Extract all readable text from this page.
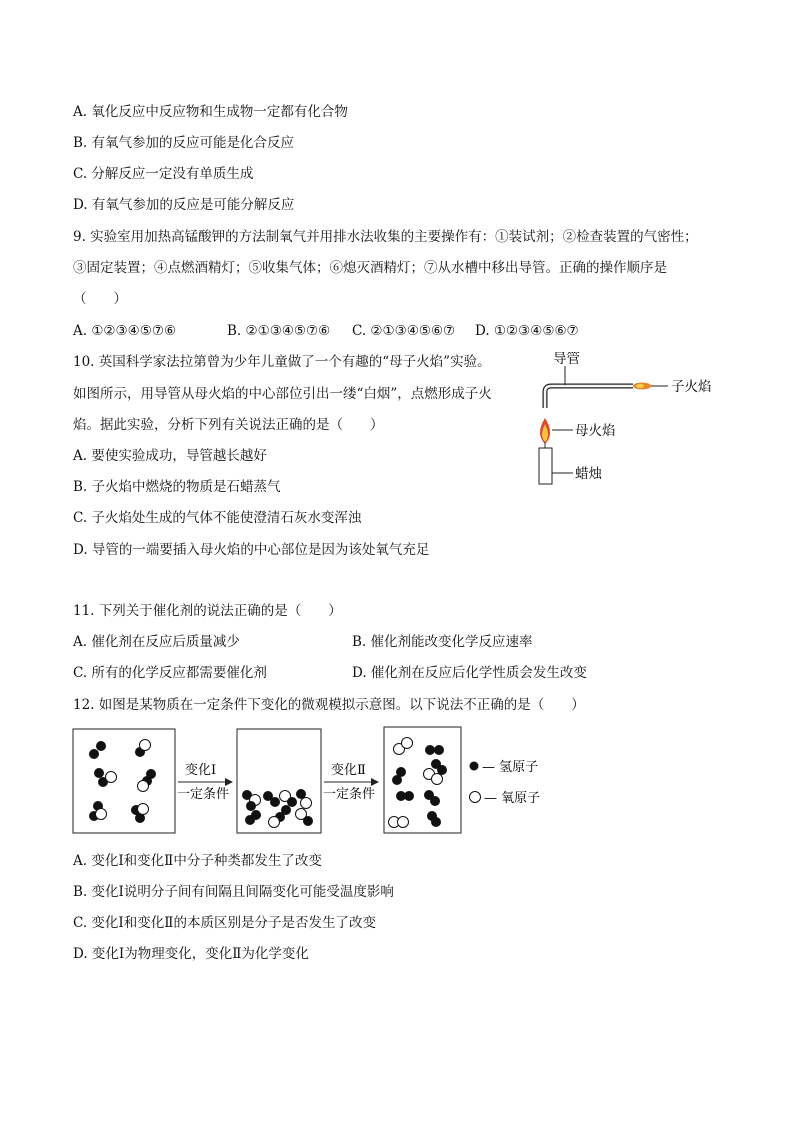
A. 氧化反应中反应物和生成物一定都有化合物
B. 有氧气参加的反应可能是化合反应
C. 分解反应一定没有单质生成
D. 有氧气参加的反应是可能分解反应
9. 实验室用加热高锰酸钾的方法制氧气并用排水法收集的主要操作有：①装试剂；②检查装置的气密性；
③固定装置；④点燃酒精灯；⑤收集气体；⑥熄灭酒精灯；⑦从水槽中移出导管。正确的操作顺序是
（　　）
A. ①②③④⑤⑦⑥	B. ②①③④⑤⑦⑥ C. ②①③④⑤⑥⑦ D. ①②③④⑤⑥⑦
10. 英国科学家法拉第曾为少年儿童做了一个有趣的“母子火焰”实验。
如图所示，用导管从母火焰的中心部位引出一缕“白烟”，点燃形成子火
焰。据此实验，分析下列有关说法正确的是（　　）
A. 要使实验成功，导管越长越好
B. 子火焰中燃烧的物质是石蜡蒸气
C. 子火焰处生成的气体不能使澄清石灰水变浑浊
D. 导管的一端要插入母火焰的中心部位是因为该处氧气充足
子火焰
导管
母火焰
蜡烛
11. 下列关于催化剂的说法正确的是（　　）
A. 催化剂在反应后质量减少	B. 催化剂能改变化学反应速率
C. 所有的化学反应都需要催化剂	D. 催化剂在反应后化学性质会发生改变
12. 如图是某物质在一定条件下变化的微观模拟示意图。以下说法不正确的是（　　）
变化Ⅰ
一定条件
变化Ⅱ
一定条件
— 氢原子
— 氧原子
A. 变化Ⅰ和变化Ⅱ中分子种类都发生了改变
B. 变化Ⅰ说明分子间有间隔且间隔变化可能受温度影响
C. 变化Ⅰ和变化Ⅱ的本质区别是分子是否发生了改变
D. 变化Ⅰ为物理变化，变化Ⅱ为化学变化
